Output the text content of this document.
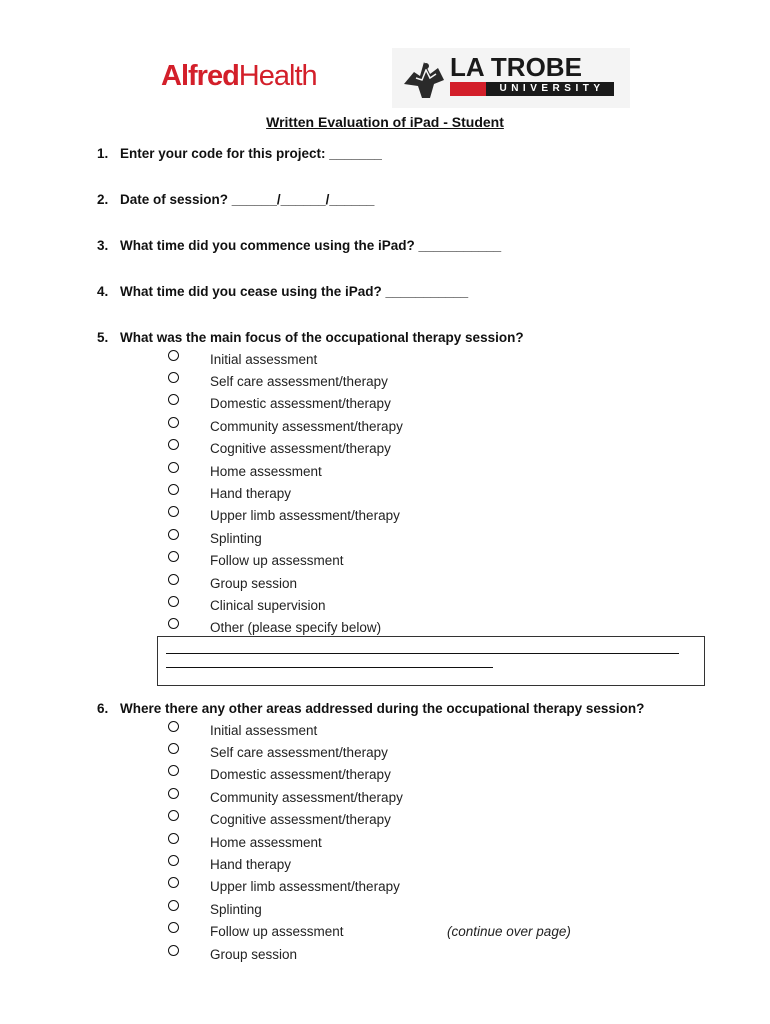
AlfredHealth	LA TROBE
UNIVERSITY
Written Evaluation of iPad - Student
1. Enter your code for this project: _______
2. Date of session? ______/______/______
3. What time did you commence using the iPad? ___________
4. What time did you cease using the iPad? ___________
5. What was the main focus of the occupational therapy session?
Initial assessment
Self care assessment/therapy
Domestic assessment/therapy
Community assessment/therapy
Cognitive assessment/therapy
Home assessment
Hand therapy
Upper limb assessment/therapy
Splinting
Follow up assessment
Group session
Clinical supervision
Other (please specify below)
6. Where there any other areas addressed during the occupational therapy session?
Initial assessment
Self care assessment/therapy
Domestic assessment/therapy
Community assessment/therapy
Cognitive assessment/therapy
Home assessment
Hand therapy
Upper limb assessment/therapy
Splinting
Follow up assessment
Group session
(continue over page)
